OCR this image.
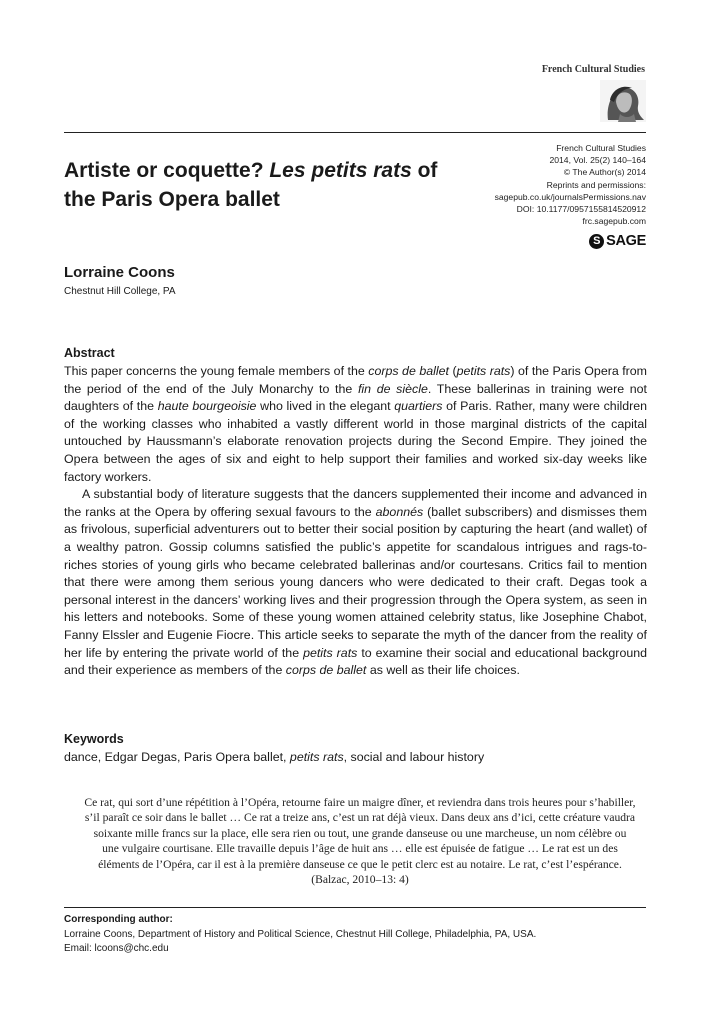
French Cultural Studies
Artiste or coquette? Les petits rats of the Paris Opera ballet
French Cultural Studies
2014, Vol. 25(2) 140–164
© The Author(s) 2014
Reprints and permissions:
sagepub.co.uk/journalsPermissions.nav
DOI: 10.1177/0957155814520912
frc.sagepub.com
S SAGE
Lorraine Coons
Chestnut Hill College, PA
Abstract

This paper concerns the young female members of the corps de ballet (petits rats) of the Paris Opera from the period of the end of the July Monarchy to the fin de siècle. These ballerinas in training were not daughters of the haute bourgeoisie who lived in the elegant quartiers of Paris. Rather, many were children of the working classes who inhabited a vastly different world in those marginal districts of the capital untouched by Haussmann’s elaborate renovation projects during the Second Empire. They joined the Opera between the ages of six and eight to help support their families and worked six-day weeks like factory workers.

A substantial body of literature suggests that the dancers supplemented their income and advanced in the ranks at the Opera by offering sexual favours to the abonnés (ballet subscribers) and dismisses them as frivolous, superficial adventurers out to better their social position by capturing the heart (and wallet) of a wealthy patron. Gossip columns satisfied the public’s appetite for scandalous intrigues and rags-to-riches stories of young girls who became celebrated ballerinas and/or courtesans. Critics fail to mention that there were among them serious young dancers who were dedicated to their craft. Degas took a personal interest in the dancers’ working lives and their progression through the Opera system, as seen in his letters and notebooks. Some of these young women attained celebrity status, like Josephine Chabot, Fanny Elssler and Eugenie Fiocre. This article seeks to separate the myth of the dancer from the reality of her life by entering the private world of the petits rats to examine their social and educational background and their experience as members of the corps de ballet as well as their life choices.

Keywords
dance, Edgar Degas, Paris Opera ballet, petits rats, social and labour history
Ce rat, qui sort d’une répétition à l’Opéra, retourne faire un maigre dîner, et reviendra dans trois heures pour s’habiller, s’il paraît ce soir dans le ballet … Ce rat a treize ans, c’est un rat déjà vieux. Dans deux ans d’ici, cette créature vaudra soixante mille francs sur la place, elle sera rien ou tout, une grande danseuse ou une marcheuse, un nom célèbre ou une vulgaire courtisane. Elle travaille depuis l’âge de huit ans … elle est épuisée de fatigue … Le rat est un des éléments de l’Opéra, car il est à la première danseuse ce que le petit clerc est au notaire. Le rat, c’est l’espérance. (Balzac, 2010–13: 4)
Corresponding author:
Lorraine Coons, Department of History and Political Science, Chestnut Hill College, Philadelphia, PA, USA.
Email: lcoons@chc.edu
